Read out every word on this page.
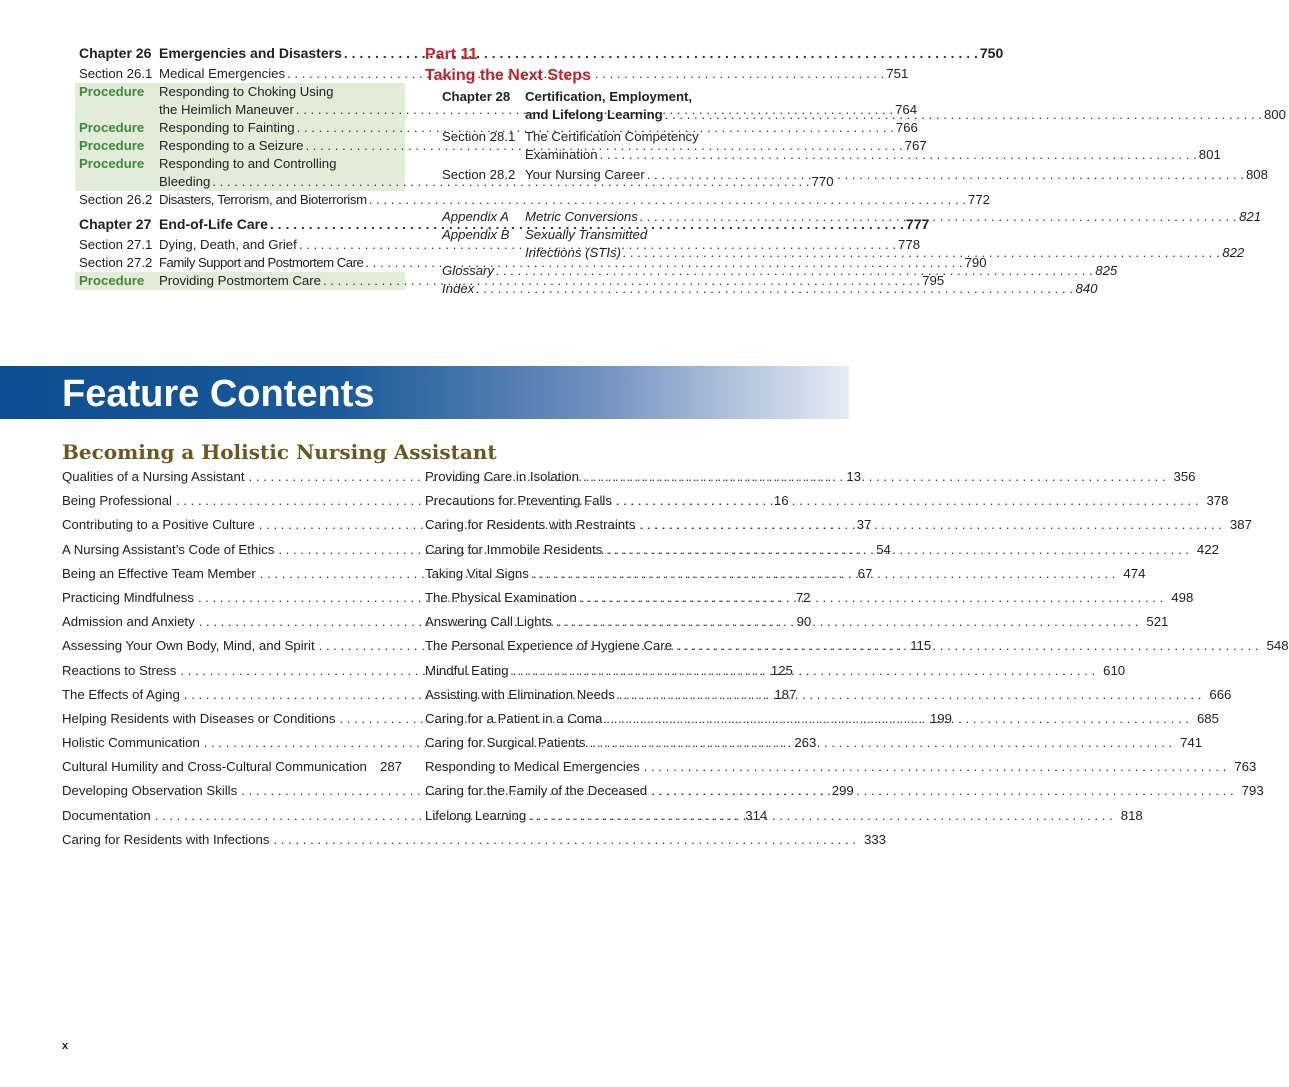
Chapter 26 Emergencies and Disasters . . .	750
Section 26.1 Medical Emergencies . . .	751
Procedure	Responding to Choking Using
the Heimlich Maneuver . . .	764
Procedure	Responding to Fainting . . .	766
Procedure	Responding to a Seizure . . .	767
Procedure	Responding to and Controlling
Bleeding . . .	770
Section 26.2 Disasters, Terrorism, and Bioterrorism . . .	772
Chapter 27 End-of-Life Care . . .	777
Section 27.1 Dying, Death, and Grief . . .	778
Section 27.2 Family Support and Postmortem Care . . .	790
Procedure	Providing Postmortem Care . . .	795
Part 11
Taking the Next Steps
Chapter 28	Certification, Employment,
and Lifelong Learning . . .	800
Section 28.1 The Certification Competency
Examination . . .	801
Section 28.2 Your Nursing Career . . .	808
Appendix A	Metric Conversions . . .	821
Appendix B	Sexually Transmitted
Infections (STIs) . . .	822
Glossary . . .	825
Index . . .	840
Feature Contents
Becoming a Holistic Nursing Assistant
Qualities of a Nursing Assistant . . .	13
Being Professional . . .	16
Contributing to a Positive Culture . . .	37
A Nursing Assistant’s Code of Ethics . . .	54
Being an Effective Team Member . . .	67
Practicing Mindfulness . . .	72
Admission and Anxiety . . .	90
Assessing Your Own Body, Mind, and Spirit . . .	115
Reactions to Stress . . .	125
The Effects of Aging . . .	187
Helping Residents with Diseases or Conditions . . .	199
Holistic Communication . . .	263
Cultural Humility and Cross-Cultural Communication . . . 287
Developing Observation Skills . . .	299
Documentation . . .	314
Caring for Residents with Infections . . .	333
Providing Care in Isolation . . .	356
Precautions for Preventing Falls . . .	378
Caring for Residents with Restraints . . .	387
Caring for Immobile Residents . . .	422
Taking Vital Signs . . .	474
The Physical Examination . . .	498
Answering Call Lights . . .	521
The Personal Experience of Hygiene Care . . .	548
Mindful Eating . . .	610
Assisting with Elimination Needs . . .	666
Caring for a Patient in a Coma . . .	685
Caring for Surgical Patients . . .	741
Responding to Medical Emergencies . . .	763
Caring for the Family of the Deceased . . .	793
Lifelong Learning . . .	818
x
